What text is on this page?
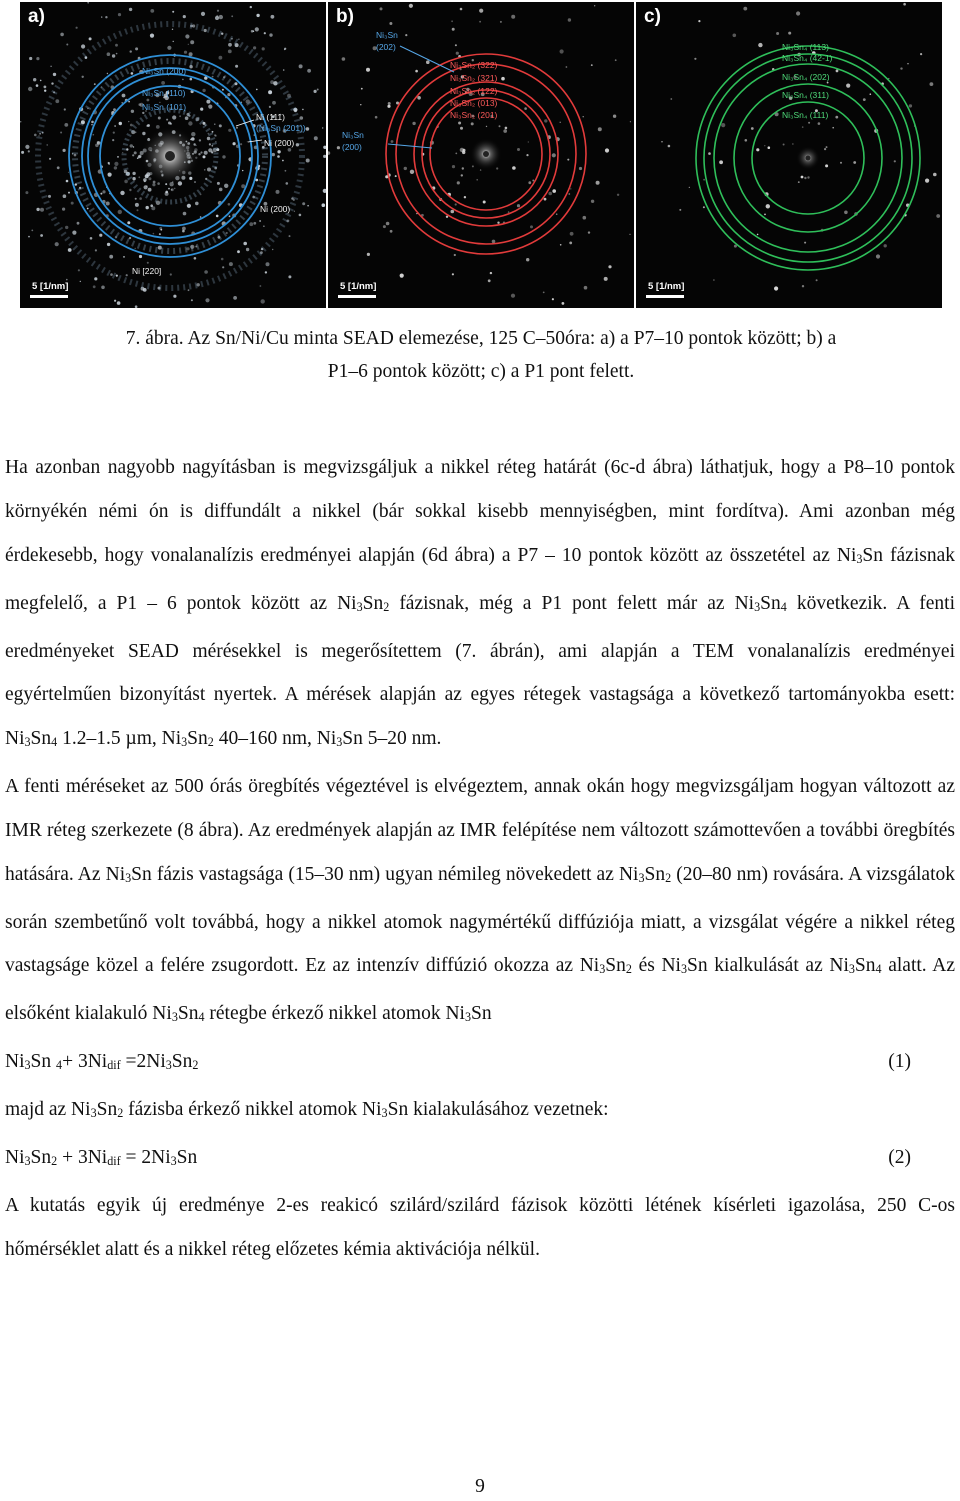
a)
Ni₃Sn (200)
Ni₃Sn (110)
Ni₃Sn (101)
Ni (111)
(Ni₃Sn (201))
Ni (200)
Ni (200)
Ni [220]
5 [1/nm]
b)
Ni₃Sn
(202)
Ni₃Sn₂ (322)
Ni₃Sn₂ (321)
Ni₃Sn₂ (122)
Ni₃Sn₂ (013)
Ni₃Sn₂ (201)
Ni₃Sn
(200)
5 [1/nm]
c)
Ni₃Sn₄ (113)
Ni₃Sn₄ (42-1)
Ni₃Sn₄ (202)
Ni₃Sn₄ (311)
Ni₃Sn₄ (111)
5 [1/nm]
7. ábra. Az Sn/Ni/Cu minta SEAD elemezése, 125 C–50óra: a) a P7–10 pontok között; b) a
P1–6 pontok között; c) a P1 pont felett.

Ha azonban nagyobb nagyításban is megvizsgáljuk a nikkel réteg határát (6c-d ábra) láthatjuk, hogy a P8–10 pontok környékén némi ón is diffundált a nikkel (bár sokkal kisebb mennyiségben, mint fordítva). Ami azonban még érdekesebb, hogy vonalanalízis eredményei alapján (6d ábra) a P7 – 10 pontok között az összetétel az Ni3Sn fázisnak megfelelő, a P1 – 6 pontok között az Ni3Sn2 fázisnak, még a P1 pont felett már az Ni3Sn4 következik. A fenti eredményeket SEAD mérésekkel is megerősítettem (7. ábrán), ami alapján a TEM vonalanalízis eredményei egyértelműen bizonyítást nyertek. A mérések alapján az egyes rétegek vastagsága a következő tartományokba esett: Ni3Sn4 1.2–1.5 µm, Ni3Sn2 40–160 nm, Ni3Sn 5–20 nm.

A fenti méréseket az 500 órás öregbítés végeztével is elvégeztem, annak okán hogy megvizsgáljam hogyan változott az IMR réteg szerkezete (8 ábra). Az eredmények alapján az IMR felépítése nem változott számottevően a további öregbítés hatására. Az Ni3Sn fázis vastagsága (15–30 nm) ugyan némileg növekedett az Ni3Sn2 (20–80 nm) rovására. A vizsgálatok során szembetűnő volt továbbá, hogy a nikkel atomok nagymértékű diffúziója miatt, a vizsgálat végére a nikkel réteg vastagságe közel a felére zsugordott. Ez az intenzív diffúzió okozza az Ni3Sn2 és Ni3Sn kialkulását az Ni3Sn4 alatt. Az elsőként kialakuló Ni3Sn4 rétegbe érkező nikkel atomok Ni3Sn

Ni3Sn 4+ 3Nidif =2Ni3Sn2	(1)

majd az Ni3Sn2 fázisba érkező nikkel atomok Ni3Sn kialakulásához vezetnek:

Ni3Sn2 + 3Nidif = 2Ni3Sn	(2)

A kutatás egyik új eredménye 2-es reakicó szilárd/szilárd fázisok közötti létének kísérleti igazolása, 250 C-os hőmérséklet alatt és a nikkel réteg előzetes kémia aktivációja nélkül.

9
